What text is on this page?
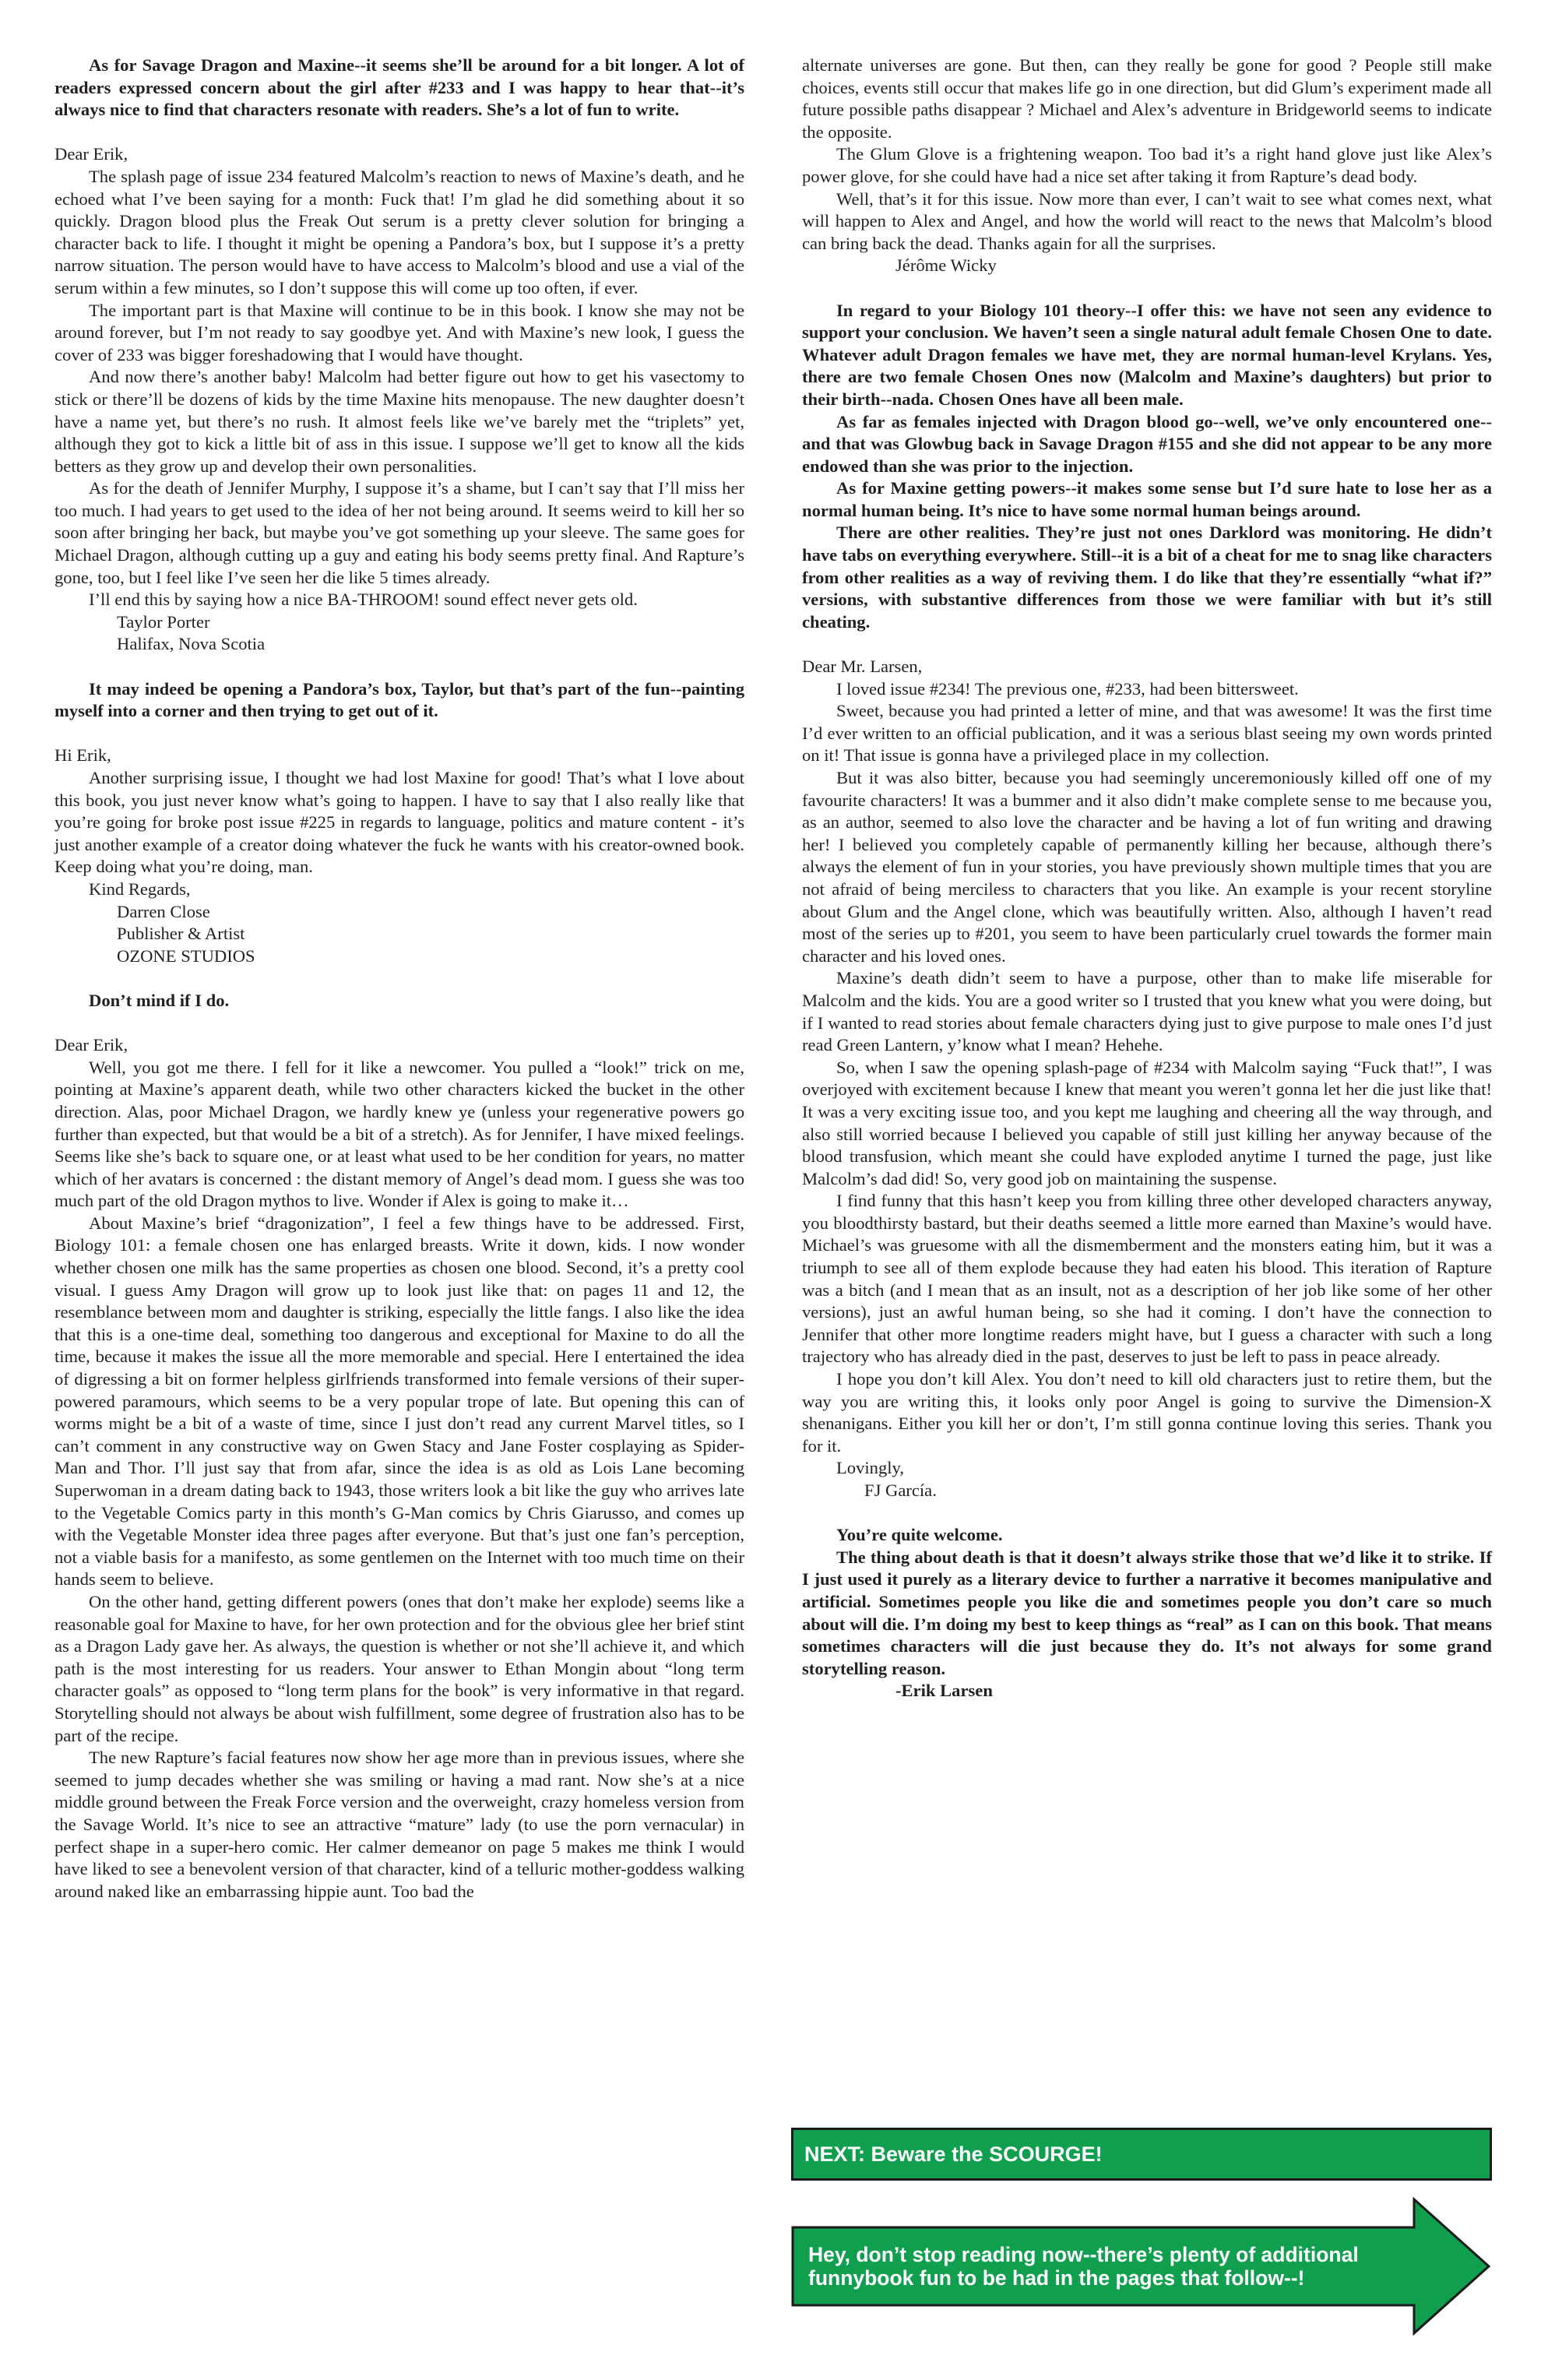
As for Savage Dragon and Maxine--it seems she’ll be around for a bit longer. A lot of readers expressed concern about the girl after #233 and I was happy to hear that--it’s always nice to find that characters resonate with readers. She’s a lot of fun to write.

Dear Erik,

The splash page of issue 234 featured Malcolm’s reaction to news of Maxine’s death, and he echoed what I’ve been saying for a month: Fuck that! I’m glad he did something about it so quickly. Dragon blood plus the Freak Out serum is a pretty clever solution for bringing a character back to life. I thought it might be opening a Pandora’s box, but I suppose it’s a pretty narrow situation. The person would have to have access to Malcolm’s blood and use a vial of the serum within a few minutes, so I don’t suppose this will come up too often, if ever.

The important part is that Maxine will continue to be in this book. I know she may not be around forever, but I’m not ready to say goodbye yet. And with Maxine’s new look, I guess the cover of 233 was bigger foreshadowing that I would have thought.

And now there’s another baby! Malcolm had better figure out how to get his vasectomy to stick or there’ll be dozens of kids by the time Maxine hits menopause. The new daughter doesn’t have a name yet, but there’s no rush. It almost feels like we’ve barely met the “triplets” yet, although they got to kick a little bit of ass in this issue. I suppose we’ll get to know all the kids betters as they grow up and develop their own personalities.

As for the death of Jennifer Murphy, I suppose it’s a shame, but I can’t say that I’ll miss her too much. I had years to get used to the idea of her not being around. It seems weird to kill her so soon after bringing her back, but maybe you’ve got something up your sleeve. The same goes for Michael Dragon, although cutting up a guy and eating his body seems pretty final. And Rapture’s gone, too, but I feel like I’ve seen her die like 5 times already.

I’ll end this by saying how a nice BA-THROOM! sound effect never gets old.

Taylor Porter

Halifax, Nova Scotia

It may indeed be opening a Pandora’s box, Taylor, but that’s part of the fun--painting myself into a corner and then trying to get out of it.

Hi Erik,

Another surprising issue, I thought we had lost Maxine for good! That’s what I love about this book, you just never know what’s going to happen. I have to say that I also really like that you’re going for broke post issue #225 in regards to language, politics and mature content - it’s just another example of a creator doing whatever the fuck he wants with his creator-owned book. Keep doing what you’re doing, man.

Kind Regards,

Darren Close

Publisher & Artist

OZONE STUDIOS

Don’t mind if I do.

Dear Erik,

Well, you got me there. I fell for it like a newcomer. You pulled a “look!” trick on me, pointing at Maxine’s apparent death, while two other characters kicked the bucket in the other direction. Alas, poor Michael Dragon, we hardly knew ye (unless your regenerative powers go further than expected, but that would be a bit of a stretch). As for Jennifer, I have mixed feelings. Seems like she’s back to square one, or at least what used to be her condition for years, no matter which of her avatars is concerned : the distant memory of Angel’s dead mom. I guess she was too much part of the old Dragon mythos to live. Wonder if Alex is going to make it…

About Maxine’s brief “dragonization”, I feel a few things have to be addressed. First, Biology 101: a female chosen one has enlarged breasts. Write it down, kids. I now wonder whether chosen one milk has the same properties as chosen one blood. Second, it’s a pretty cool visual. I guess Amy Dragon will grow up to look just like that: on pages 11 and 12, the resemblance between mom and daughter is striking, especially the little fangs. I also like the idea that this is a one-time deal, something too dangerous and exceptional for Maxine to do all the time, because it makes the issue all the more memorable and special. Here I entertained the idea of digressing a bit on former helpless girlfriends transformed into female versions of their super-powered paramours, which seems to be a very popular trope of late. But opening this can of worms might be a bit of a waste of time, since I just don’t read any current Marvel titles, so I can’t comment in any constructive way on Gwen Stacy and Jane Foster cosplaying as Spider-Man and Thor. I’ll just say that from afar, since the idea is as old as Lois Lane becoming Superwoman in a dream dating back to 1943, those writers look a bit like the guy who arrives late to the Vegetable Comics party in this month’s G-Man comics by Chris Giarusso, and comes up with the Vegetable Monster idea three pages after everyone. But that’s just one fan’s perception, not a viable basis for a manifesto, as some gentlemen on the Internet with too much time on their hands seem to believe.

On the other hand, getting different powers (ones that don’t make her explode) seems like a reasonable goal for Maxine to have, for her own protection and for the obvious glee her brief stint as a Dragon Lady gave her. As always, the question is whether or not she’ll achieve it, and which path is the most interesting for us readers. Your answer to Ethan Mongin about “long term character goals” as opposed to “long term plans for the book” is very informative in that regard. Storytelling should not always be about wish fulfillment, some degree of frustration also has to be part of the recipe.

The new Rapture’s facial features now show her age more than in previous issues, where she seemed to jump decades whether she was smiling or having a mad rant. Now she’s at a nice middle ground between the Freak Force version and the overweight, crazy homeless version from the Savage World. It’s nice to see an attractive “mature” lady (to use the porn vernacular) in perfect shape in a super-hero comic. Her calmer demeanor on page 5 makes me think I would have liked to see a benevolent version of that character, kind of a telluric mother-goddess walking around naked like an embarrassing hippie aunt. Too bad the

alternate universes are gone. But then, can they really be gone for good ? People still make choices, events still occur that makes life go in one direction, but did Glum’s experiment made all future possible paths disappear ? Michael and Alex’s adventure in Bridgeworld seems to indicate the opposite.

The Glum Glove is a frightening weapon. Too bad it’s a right hand glove just like Alex’s power glove, for she could have had a nice set after taking it from Rapture’s dead body.

Well, that’s it for this issue. Now more than ever, I can’t wait to see what comes next, what will happen to Alex and Angel, and how the world will react to the news that Malcolm’s blood can bring back the dead. Thanks again for all the surprises.

Jérôme Wicky

In regard to your Biology 101 theory--I offer this: we have not seen any evidence to support your conclusion. We haven’t seen a single natural adult female Chosen One to date. Whatever adult Dragon females we have met, they are normal human-level Krylans. Yes, there are two female Chosen Ones now (Malcolm and Maxine’s daughters) but prior to their birth--nada. Chosen Ones have all been male.

As far as females injected with Dragon blood go--well, we’ve only encountered one--and that was Glowbug back in Savage Dragon #155 and she did not appear to be any more endowed than she was prior to the injection.

As for Maxine getting powers--it makes some sense but I’d sure hate to lose her as a normal human being. It’s nice to have some normal human beings around.

There are other realities. They’re just not ones Darklord was monitoring. He didn’t have tabs on everything everywhere. Still--it is a bit of a cheat for me to snag like characters from other realities as a way of reviving them. I do like that they’re essentially “what if?” versions, with substantive differences from those we were familiar with but it’s still cheating.

Dear Mr. Larsen,

I loved issue #234! The previous one, #233, had been bittersweet.

Sweet, because you had printed a letter of mine, and that was awesome! It was the first time I’d ever written to an official publication, and it was a serious blast seeing my own words printed on it! That issue is gonna have a privileged place in my collection.

But it was also bitter, because you had seemingly unceremoniously killed off one of my favourite characters! It was a bummer and it also didn’t make complete sense to me because you, as an author, seemed to also love the character and be having a lot of fun writing and drawing her! I believed you completely capable of permanently killing her because, although there’s always the element of fun in your stories, you have previously shown multiple times that you are not afraid of being merciless to characters that you like. An example is your recent storyline about Glum and the Angel clone, which was beautifully written. Also, although I haven’t read most of the series up to #201, you seem to have been particularly cruel towards the former main character and his loved ones.

Maxine’s death didn’t seem to have a purpose, other than to make life miserable for Malcolm and the kids. You are a good writer so I trusted that you knew what you were doing, but if I wanted to read stories about female characters dying just to give purpose to male ones I’d just read Green Lantern, y’know what I mean? Hehehe.

So, when I saw the opening splash-page of #234 with Malcolm saying “Fuck that!”, I was overjoyed with excitement because I knew that meant you weren’t gonna let her die just like that! It was a very exciting issue too, and you kept me laughing and cheering all the way through, and also still worried because I believed you capable of still just killing her anyway because of the blood transfusion, which meant she could have exploded anytime I turned the page, just like Malcolm’s dad did! So, very good job on maintaining the suspense.

I find funny that this hasn’t keep you from killing three other developed characters anyway, you bloodthirsty bastard, but their deaths seemed a little more earned than Maxine’s would have. Michael’s was gruesome with all the dismemberment and the monsters eating him, but it was a triumph to see all of them explode because they had eaten his blood. This iteration of Rapture was a bitch (and I mean that as an insult, not as a description of her job like some of her other versions), just an awful human being, so she had it coming. I don’t have the connection to Jennifer that other more longtime readers might have, but I guess a character with such a long trajectory who has already died in the past, deserves to just be left to pass in peace already.

I hope you don’t kill Alex. You don’t need to kill old characters just to retire them, but the way you are writing this, it looks only poor Angel is going to survive the Dimension-X shenanigans. Either you kill her or don’t, I’m still gonna continue loving this series. Thank you for it.

Lovingly,

FJ García.

You’re quite welcome.

The thing about death is that it doesn’t always strike those that we’d like it to strike. If I just used it purely as a literary device to further a narrative it becomes manipulative and artificial. Sometimes people you like die and sometimes people you don’t care so much about will die. I’m doing my best to keep things as “real” as I can on this book. That means sometimes characters will die just because they do. It’s not always for some grand storytelling reason.

-Erik Larsen

NEXT: Beware the SCOURGE!
Hey, don’t stop reading now--there’s plenty of additional funnybook fun to be had in the pages that follow--!
